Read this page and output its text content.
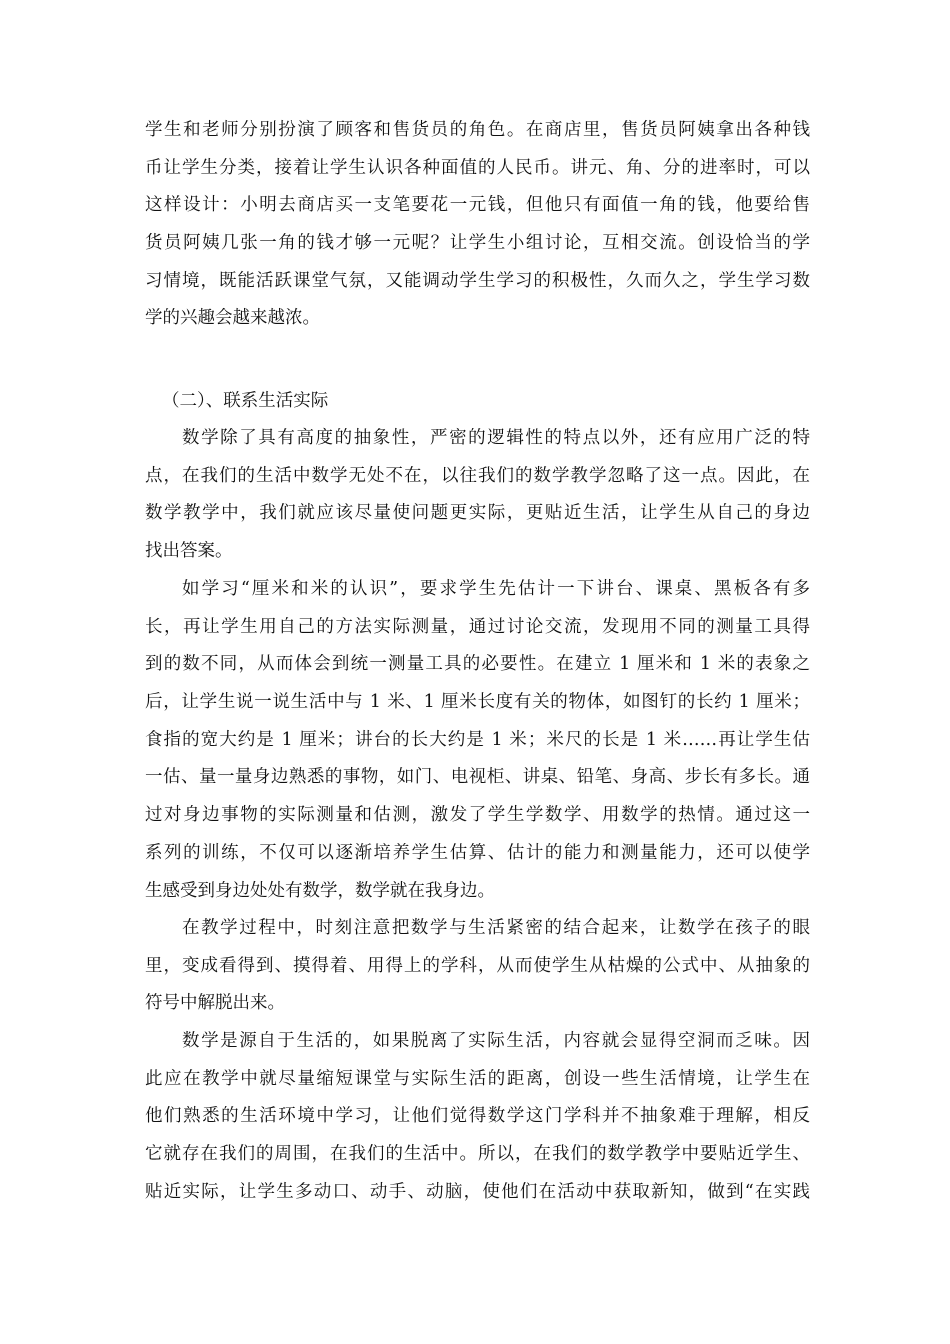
学生和老师分别扮演了顾客和售货员的角色。在商店里，售货员阿姨拿出各种钱
币让学生分类，接着让学生认识各种面值的人民币。讲元、角、分的进率时，可以
这样设计：小明去商店买一支笔要花一元钱，但他只有面值一角的钱，他要给售
货员阿姨几张一角的钱才够一元呢？让学生小组讨论，互相交流。创设恰当的学
习情境，既能活跃课堂气氛，又能调动学生学习的积极性，久而久之，学生学习数
学的兴趣会越来越浓。
（二）、联系生活实际
数学除了具有高度的抽象性，严密的逻辑性的特点以外，还有应用广泛的特
点，在我们的生活中数学无处不在，以往我们的数学教学忽略了这一点。因此，在
数学教学中，我们就应该尽量使问题更实际，更贴近生活，让学生从自己的身边
找出答案。
如学习“厘米和米的认识”，要求学生先估计一下讲台、课桌、黑板各有多
长，再让学生用自己的方法实际测量，通过讨论交流，发现用不同的测量工具得
到的数不同，从而体会到统一测量工具的必要性。在建立 1 厘米和 1 米的表象之
后，让学生说一说生活中与 1 米、1 厘米长度有关的物体，如图钉的长约 1 厘米；
食指的宽大约是 1 厘米；讲台的长大约是 1 米；米尺的长是 1 米……再让学生估
一估、量一量身边熟悉的事物，如门、电视柜、讲桌、铅笔、身高、步长有多长。通
过对身边事物的实际测量和估测，激发了学生学数学、用数学的热情。通过这一
系列的训练，不仅可以逐渐培养学生估算、估计的能力和测量能力，还可以使学
生感受到身边处处有数学，数学就在我身边。
在教学过程中，时刻注意把数学与生活紧密的结合起来，让数学在孩子的眼
里，变成看得到、摸得着、用得上的学科，从而使学生从枯燥的公式中、从抽象的
符号中解脱出来。
数学是源自于生活的，如果脱离了实际生活，内容就会显得空洞而乏味。因
此应在教学中就尽量缩短课堂与实际生活的距离，创设一些生活情境，让学生在
他们熟悉的生活环境中学习，让他们觉得数学这门学科并不抽象难于理解，相反
它就存在我们的周围，在我们的生活中。所以，在我们的数学教学中要贴近学生、
贴近实际，让学生多动口、动手、动脑，使他们在活动中获取新知，做到“在实践
